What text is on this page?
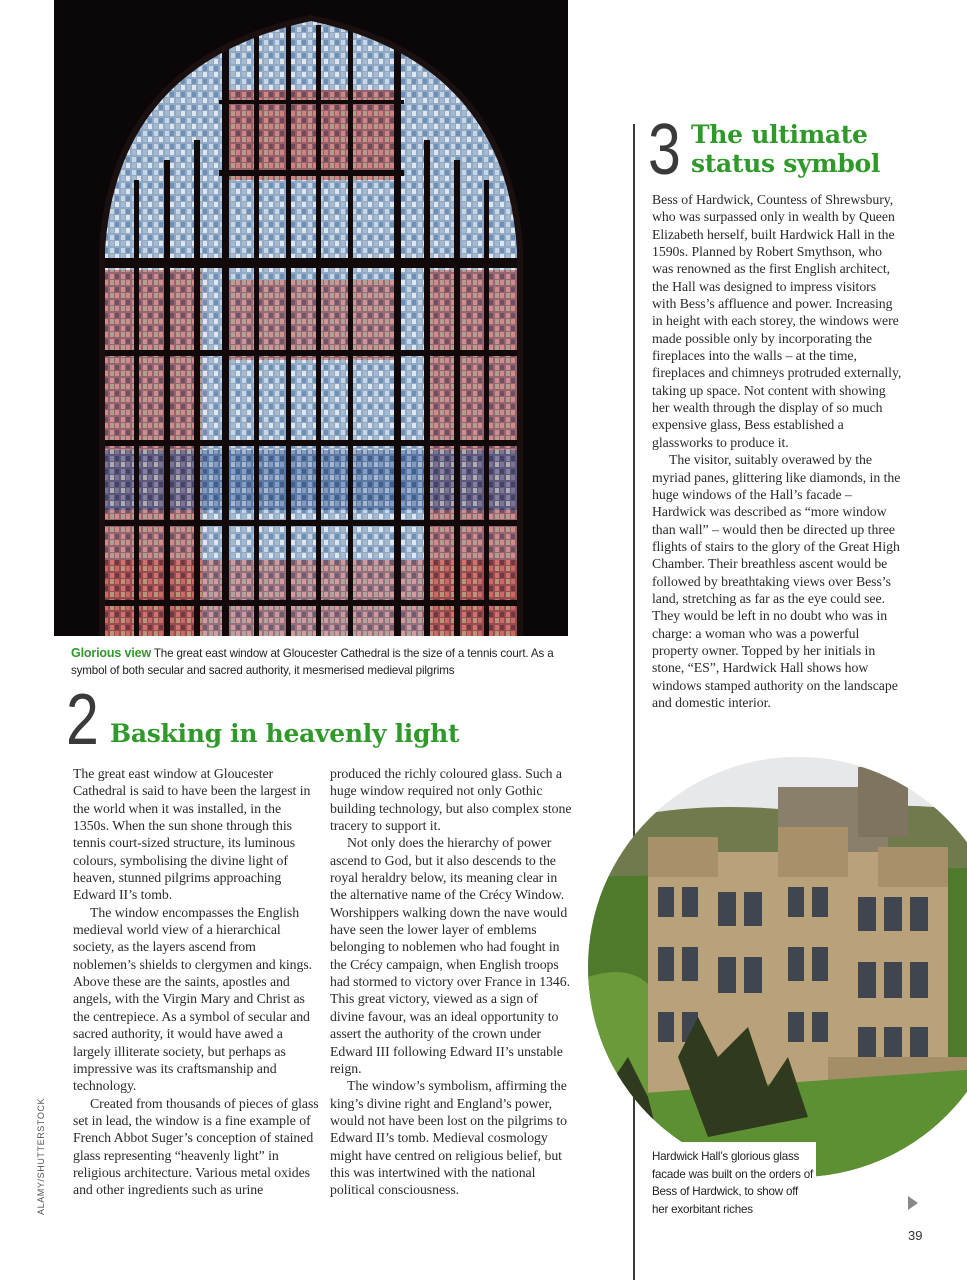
Glorious view The great east window at Gloucester Cathedral is the size of a tennis court. As a symbol of both secular and sacred authority, it mesmerised medieval pilgrims
2 Basking in heavenly light

The great east window at Gloucester Cathedral is said to have been the largest in the world when it was installed, in the 1350s. When the sun shone through this tennis court-sized structure, its luminous colours, symbolising the divine light of heaven, stunned pilgrims approaching Edward II’s tomb.

The window encompasses the English medieval world view of a hierarchical society, as the layers ascend from noblemen’s shields to clergymen and kings. Above these are the saints, apostles and angels, with the Virgin Mary and Christ as the centrepiece. As a symbol of secular and sacred authority, it would have awed a largely illiterate society, but perhaps as impressive was its craftsmanship and technology.

Created from thousands of pieces of glass set in lead, the window is a fine example of French Abbot Suger’s conception of stained glass representing “heavenly light” in religious architecture. Various metal oxides and other ingredients such as urine

produced the richly coloured glass. Such a huge window required not only Gothic building technology, but also complex stone tracery to support it.

Not only does the hierarchy of power ascend to God, but it also descends to the royal heraldry below, its meaning clear in the alternative name of the Crécy Window. Worshippers walking down the nave would have seen the lower layer of emblems belonging to noblemen who had fought in the Crécy campaign, when English troops had stormed to victory over France in 1346. This great victory, viewed as a sign of divine favour, was an ideal opportunity to assert the authority of the crown under Edward III following Edward II’s unstable reign.

The window’s symbolism, affirming the king’s divine right and England’s power, would not have been lost on the pilgrims to Edward II’s tomb. Medieval cosmology might have centred on religious belief, but this was intertwined with the national political consciousness.

3 The ultimate status symbol

Bess of Hardwick, Countess of Shrewsbury, who was surpassed only in wealth by Queen Elizabeth herself, built Hardwick Hall in the 1590s. Planned by Robert Smythson, who was renowned as the first English architect, the Hall was designed to impress visitors with Bess’s affluence and power. Increasing in height with each storey, the windows were made possible only by incorporating the fireplaces into the walls – at the time, fireplaces and chimneys protruded externally, taking up space. Not content with showing her wealth through the display of so much expensive glass, Bess established a glassworks to produce it.

The visitor, suitably overawed by the myriad panes, glittering like diamonds, in the huge windows of the Hall’s facade – Hardwick was described as “more window than wall” – would then be directed up three flights of stairs to the glory of the Great High Chamber. Their breathless ascent would be followed by breathtaking views over Bess’s land, stretching as far as the eye could see. They would be left in no doubt who was in charge: a woman who was a powerful property owner. Topped by her initials in stone, “ES”, Hardwick Hall shows how windows stamped authority on the landscape and domestic interior.

Hardwick Hall’s glorious glass facade was built on the orders of Bess of Hardwick, to show off her exorbitant riches
ALAMY/SHUTTERSTOCK
39
